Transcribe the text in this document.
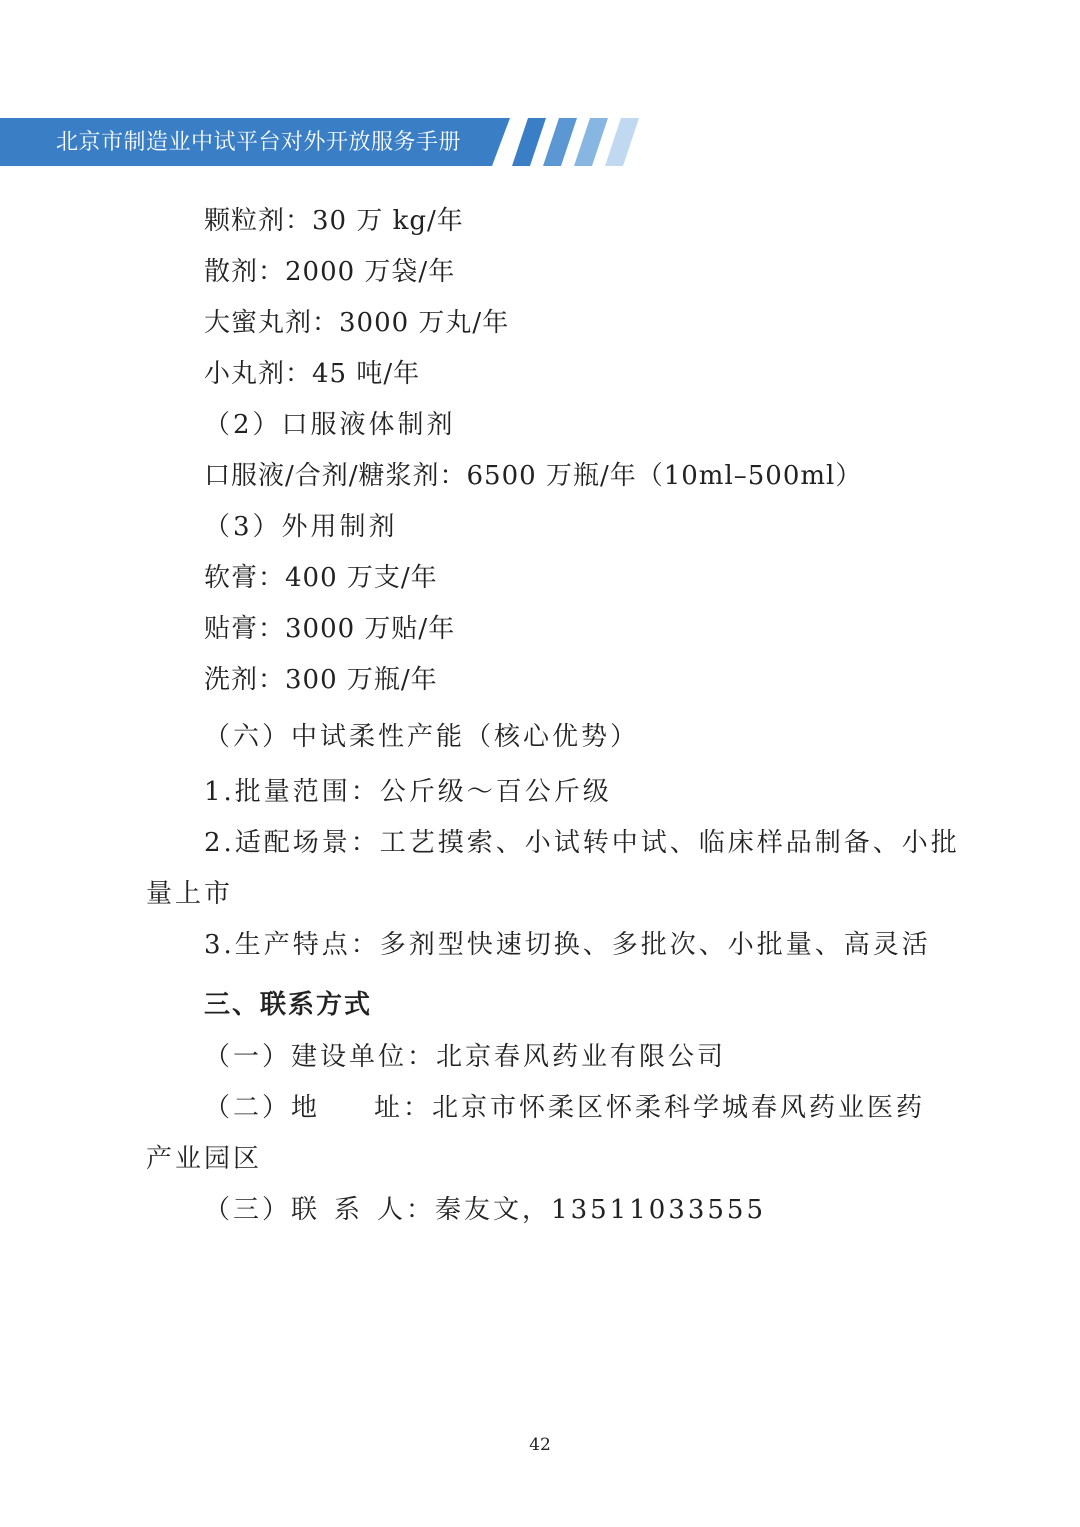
北京市制造业中试平台对外开放服务手册
颗粒剂：30 万 kg/年
散剂：2000 万袋/年
大蜜丸剂：3000 万丸/年
小丸剂：45 吨/年
（2）口服液体制剂
口服液/合剂/糖浆剂：6500 万瓶/年（10ml–500ml）
（3）外用制剂
软膏：400 万支/年
贴膏：3000 万贴/年
洗剂：300 万瓶/年
（六）中试柔性产能（核心优势）
1.批量范围：公斤级～百公斤级
2.适配场景：工艺摸索、小试转中试、临床样品制备、小批
量上市
3.生产特点：多剂型快速切换、多批次、小批量、高灵活
三、联系方式
（一）建设单位：北京春风药业有限公司
（二）地 址：北京市怀柔区怀柔科学城春风药业医药
产业园区
（三）联 系 人：秦友文，13511033555
42
